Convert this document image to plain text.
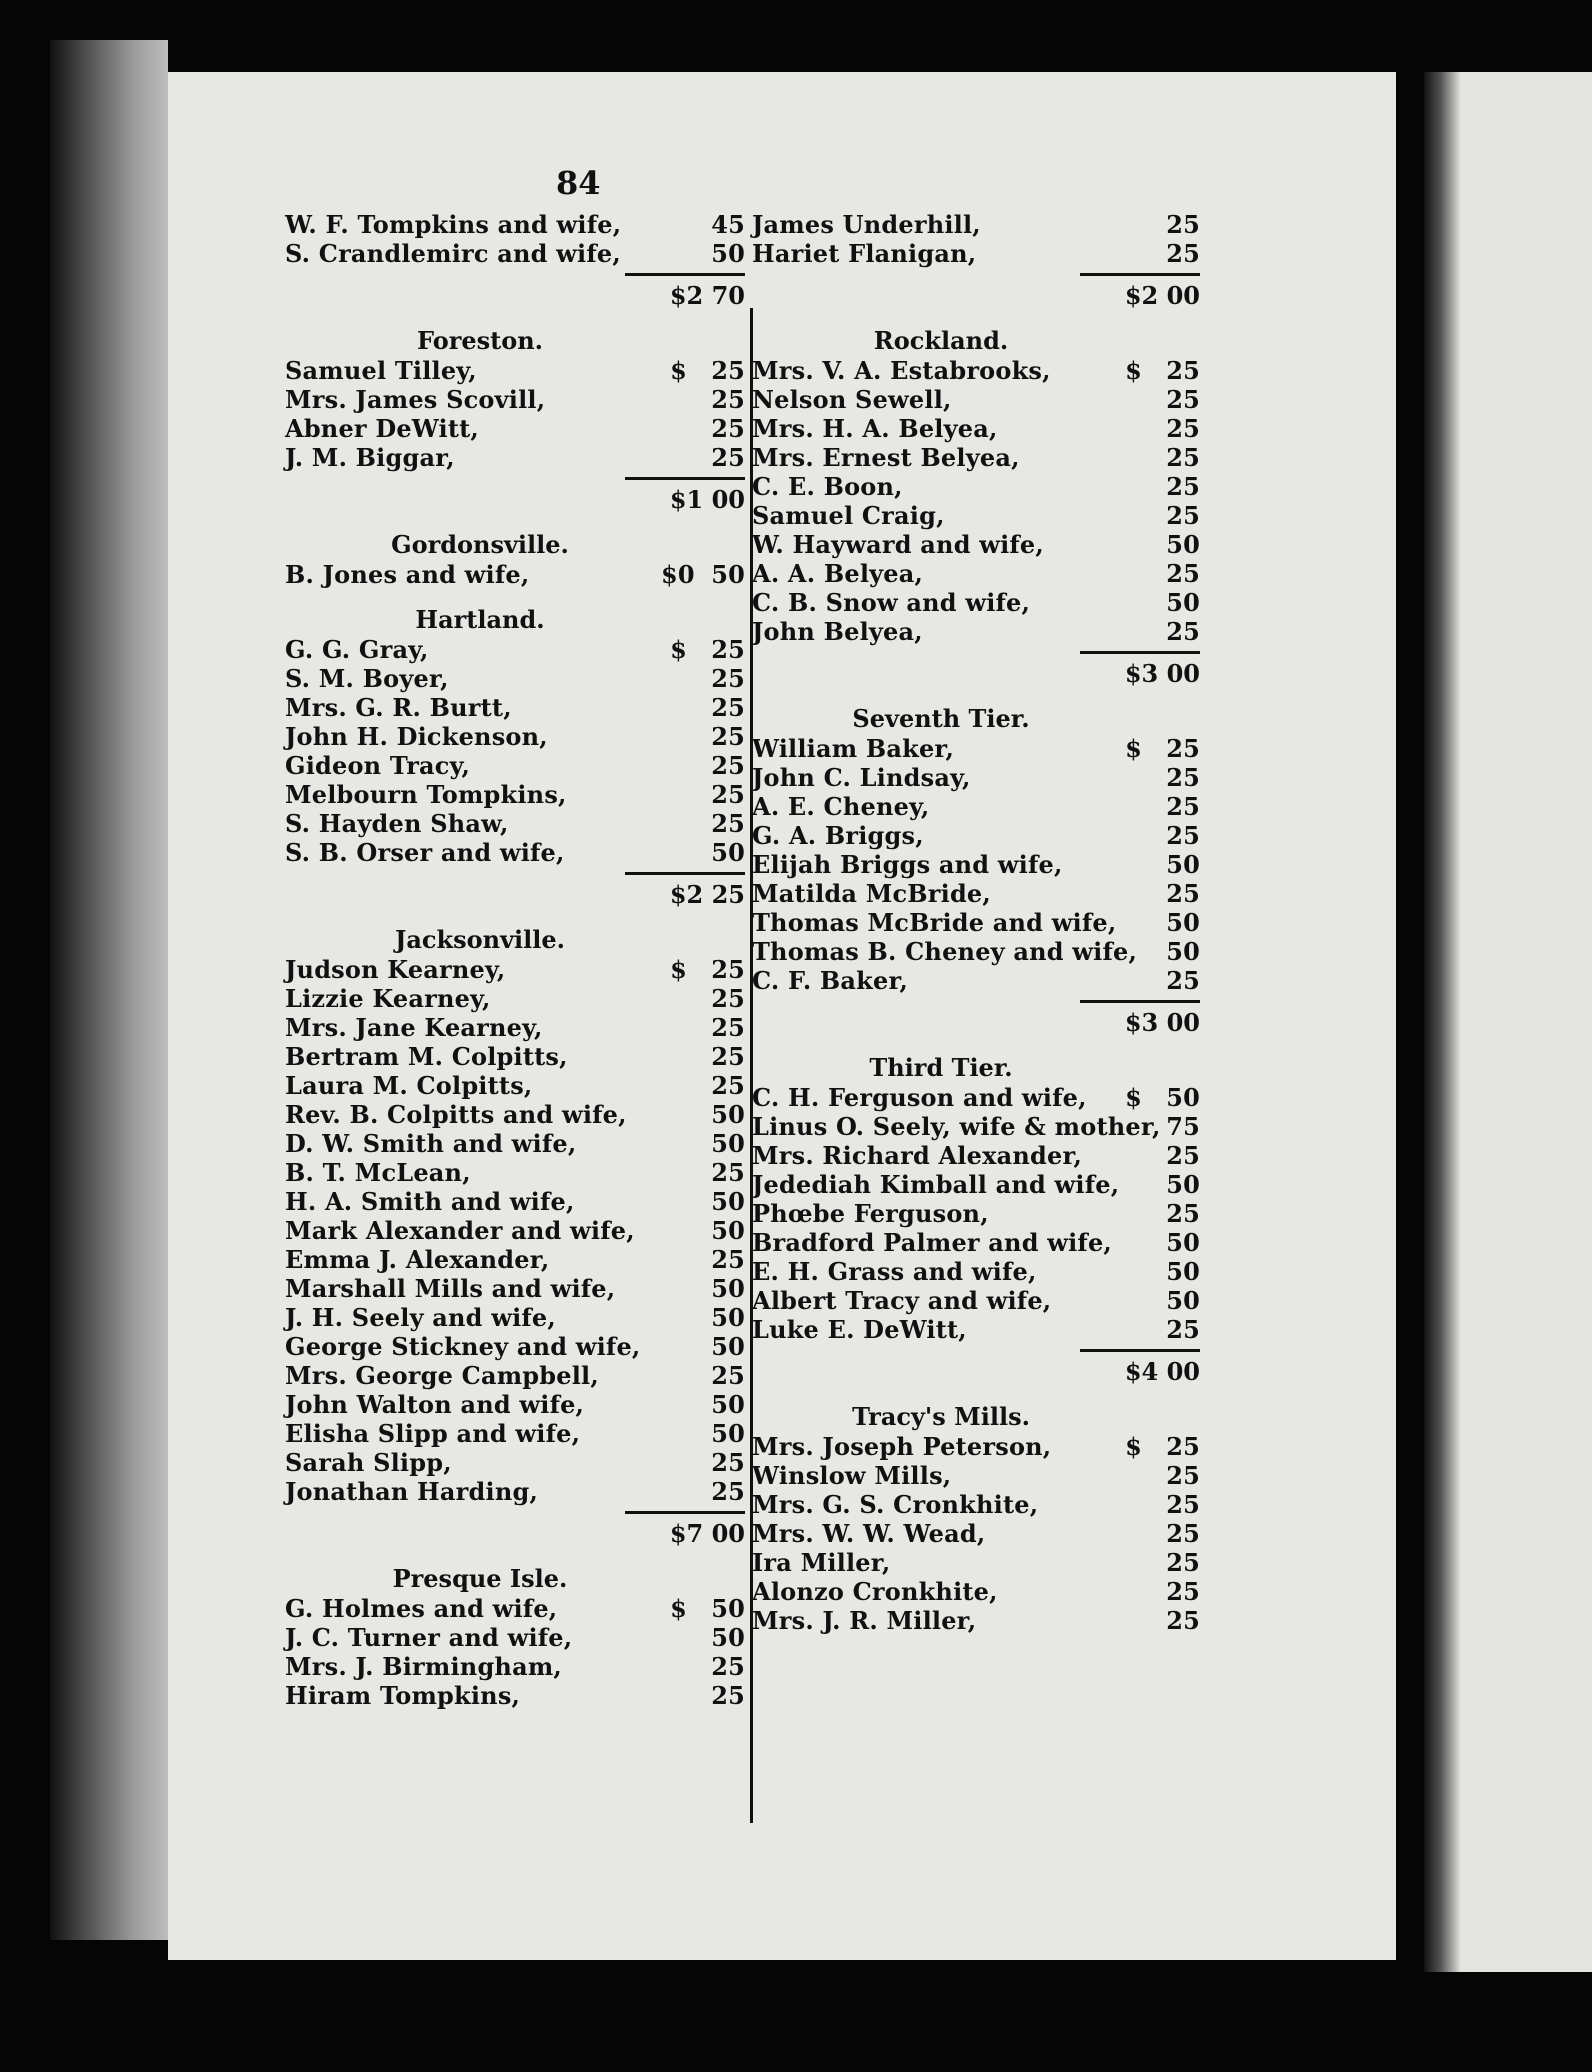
84
W. F. Tompkins and wife,	45
S. Crandlemirc and wife,	50
$2 70
Foreston.
Samuel Tilley,	$	25
Mrs. James Scovill,	25
Abner DeWitt,	25
J. M. Biggar,	25
$1 00
Gordonsville.
B. Jones and wife,	$0 50
Hartland.
G. G. Gray,	$	25
S. M. Boyer,	25
Mrs. G. R. Burtt,	25
John H. Dickenson,	25
Gideon Tracy,	25
Melbourn Tompkins,	25
S. Hayden Shaw,	25
S. B. Orser and wife,	50
$2 25
Jacksonville.
Judson Kearney,	$	25
Lizzie Kearney,	25
Mrs. Jane Kearney,	25
Bertram M. Colpitts,	25
Laura M. Colpitts,	25
Rev. B. Colpitts and wife,	50
D. W. Smith and wife,	50
B. T. McLean,	25
H. A. Smith and wife,	50
Mark Alexander and wife,	50
Emma J. Alexander,	25
Marshall Mills and wife,	50
J. H. Seely and wife,	50
George Stickney and wife,	50
Mrs. George Campbell,	25
John Walton and wife,	50
Elisha Slipp and wife,	50
Sarah Slipp,	25
Jonathan Harding,	25
$7 00
Presque Isle.
G. Holmes and wife,	$	50
J. C. Turner and wife,	50
Mrs. J. Birmingham,	25
Hiram Tompkins,	25
James Underhill,	25
Hariet Flanigan,	25
$2 00
Rockland.
Mrs. V. A. Estabrooks,	$	25
Nelson Sewell,	25
Mrs. H. A. Belyea,	25
Mrs. Ernest Belyea,	25
C. E. Boon,	25
Samuel Craig,	25
W. Hayward and wife,	50
A. A. Belyea,	25
C. B. Snow and wife,	50
John Belyea,	25
$3 00
Seventh Tier.
William Baker,	$	25
John C. Lindsay,	25
A. E. Cheney,	25
G. A. Briggs,	25
Elijah Briggs and wife,	50
Matilda McBride,	25
Thomas McBride and wife,	50
Thomas B. Cheney and wife,	50
C. F. Baker,	25
$3 00
Third Tier.
C. H. Ferguson and wife,	$	50
Linus O. Seely, wife & mother, 75
Mrs. Richard Alexander,	25
Jedediah Kimball and wife,	50
Phœbe Ferguson,	25
Bradford Palmer and wife,	50
E. H. Grass and wife,	50
Albert Tracy and wife,	50
Luke E. DeWitt,	25
$4 00
Tracy's Mills.
Mrs. Joseph Peterson,	$	25
Winslow Mills,	25
Mrs. G. S. Cronkhite,	25
Mrs. W. W. Wead,	25
Ira Miller,	25
Alonzo Cronkhite,	25
Mrs. J. R. Miller,	25
